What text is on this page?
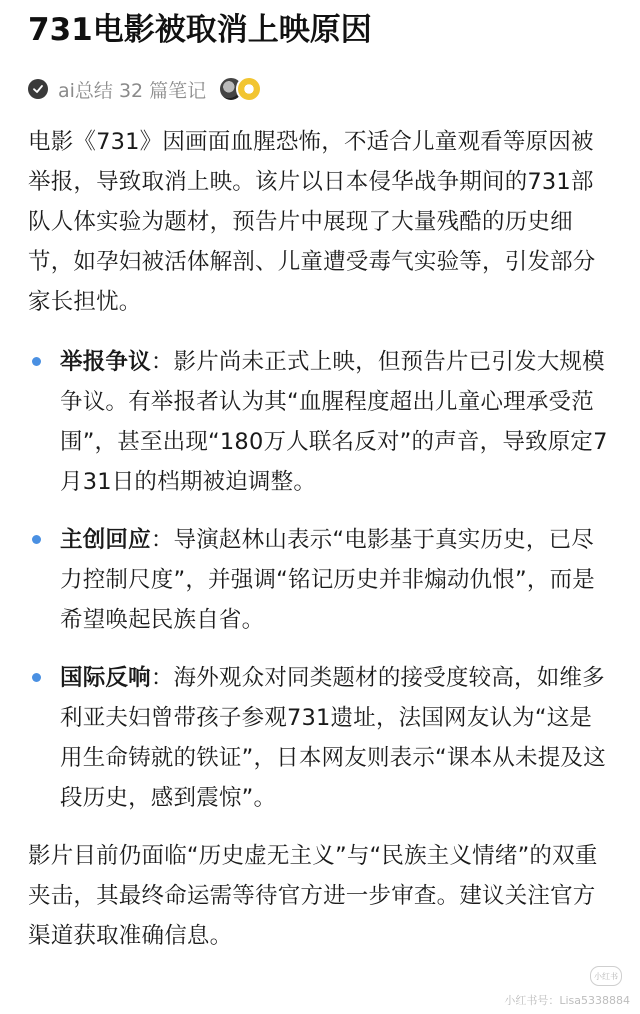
731电影被取消上映原因
ai总结 32 篇笔记

电影《731》因画面血腥恐怖，不适合儿童观看等原因被举报，导致取消上映。该片以日本侵华战争期间的731部队人体实验为题材，预告片中展现了大量残酷的历史细节，如孕妇被活体解剖、儿童遭受毒气实验等，引发部分家长担忧。

举报争议：影片尚未正式上映，但预告片已引发大规模争议。有举报者认为其“血腥程度超出儿童心理承受范围”，甚至出现“180万人联名反对”的声音，导致原定7月31日的档期被迫调整。
主创回应：导演赵林山表示“电影基于真实历史，已尽力控制尺度”，并强调“铭记历史并非煽动仇恨”，而是希望唤起民族自省。
国际反响：海外观众对同类题材的接受度较高，如维多利亚夫妇曾带孩子参观731遗址，法国网友认为“这是用生命铸就的铁证”，日本网友则表示“课本从未提及这段历史，感到震惊”。

影片目前仍面临“历史虚无主义”与“民族主义情绪”的双重夹击，其最终命运需等待官方进一步审查。建议关注官方渠道获取准确信息。

小红书
小红书号：Lisa5338884
